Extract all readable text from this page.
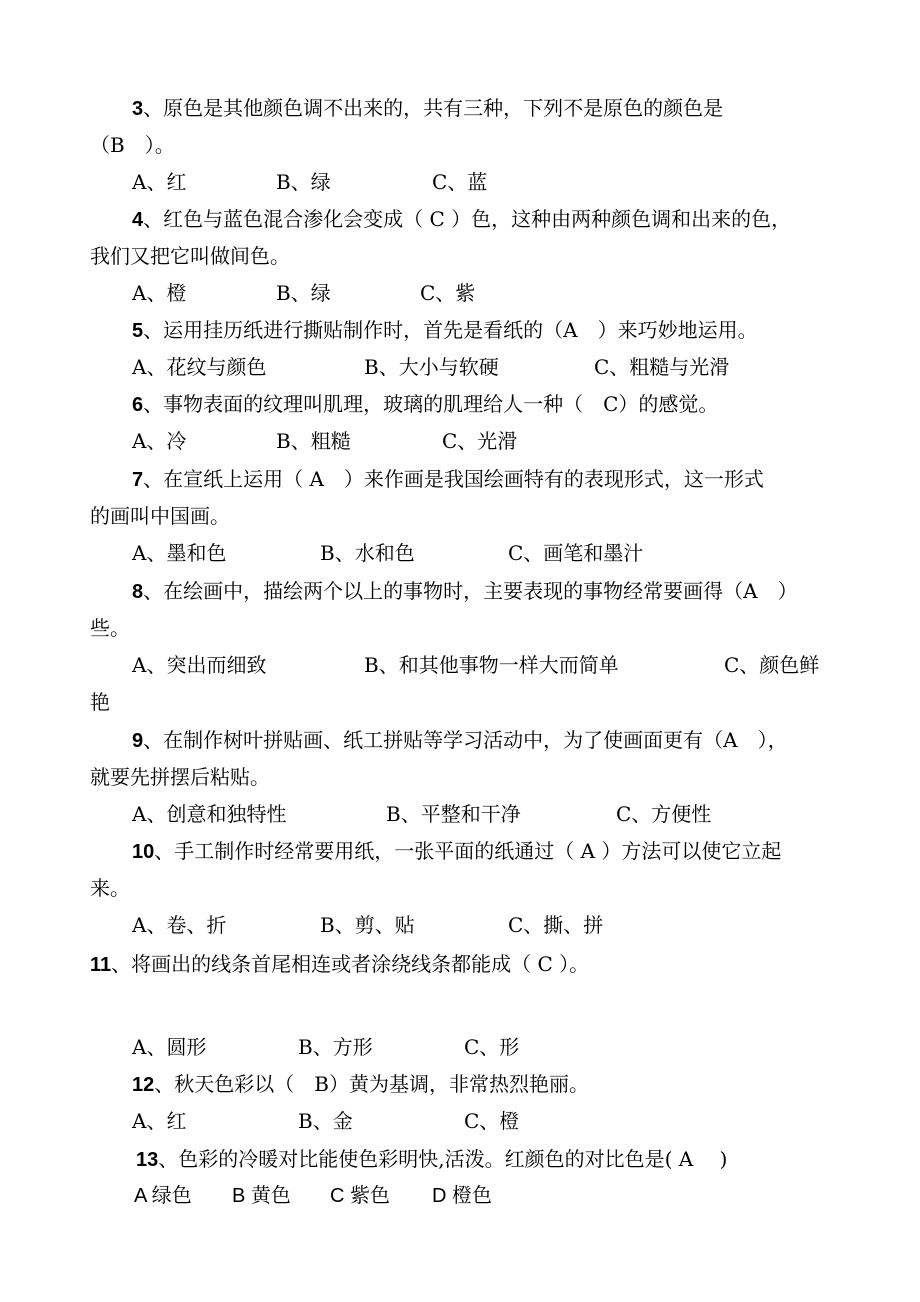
3、原色是其他颜色调不出来的，共有三种，下列不是原色的颜色是
（B　）。
A、红	B、绿	C、蓝
4、红色与蓝色混合渗化会变成（ C ）色，这种由两种颜色调和出来的色，
我们又把它叫做间色。
A、橙	B、绿	C、紫
5、运用挂历纸进行撕贴制作时，首先是看纸的（A　）来巧妙地运用。
A、花纹与颜色	B、大小与软硬	C、粗糙与光滑
6、事物表面的纹理叫肌理，玻璃的肌理给人一种（　C）的感觉。
A、冷	B、粗糙	C、光滑
7、在宣纸上运用（ A　）来作画是我国绘画特有的表现形式，这一形式
的画叫中国画。
A、墨和色	B、水和色	C、画笔和墨汁
8、在绘画中，描绘两个以上的事物时，主要表现的事物经常要画得（A　）
些。
A、突出而细致	B、和其他事物一样大而简单	C、颜色鲜
艳
9、在制作树叶拼贴画、纸工拼贴等学习活动中，为了使画面更有（A　），
就要先拼摆后粘贴。
A、创意和独特性	B、平整和干净	C、方便性
10、手工制作时经常要用纸，一张平面的纸通过（ A ）方法可以使它立起
来。
A、卷、折	B、剪、贴	C、撕、拼
11、将画出的线条首尾相连或者涂绕线条都能成（ C ）。
A、圆形	B、方形	C、形
12、秋天色彩以（　B）黄为基调，非常热烈艳丽。
A、红	B、金	C、橙
13、色彩的冷暖对比能使色彩明快,活泼。红颜色的对比色是( A　 )
A 绿色 B 黄色 C 紫色 D 橙色
